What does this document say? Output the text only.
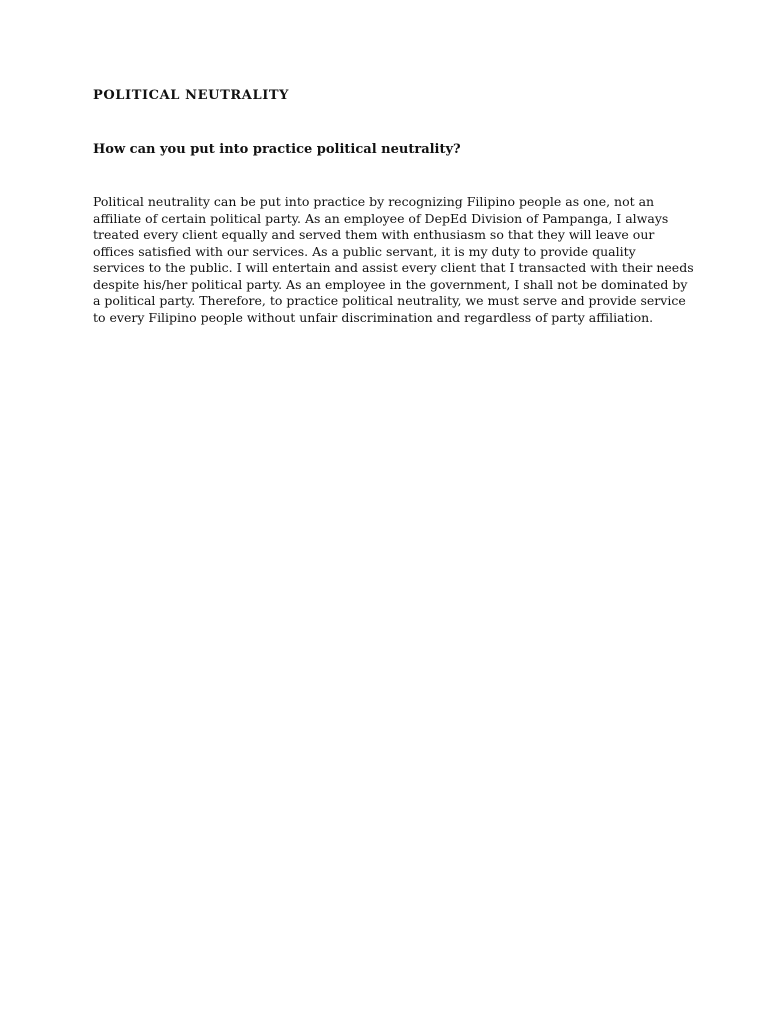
POLITICAL NEUTRALITY
How can you put into practice political neutrality?
Political neutrality can be put into practice by recognizing Filipino people as one, not an
affiliate of certain political party. As an employee of DepEd Division of Pampanga, I always
treated every client equally and served them with enthusiasm so that they will leave our
offices satisfied with our services. As a public servant, it is my duty to provide quality
services to the public. I will entertain and assist every client that I transacted with their needs
despite his/her political party. As an employee in the government, I shall not be dominated by
a political party. Therefore, to practice political neutrality, we must serve and provide service
to every Filipino people without unfair discrimination and regardless of party affiliation.
